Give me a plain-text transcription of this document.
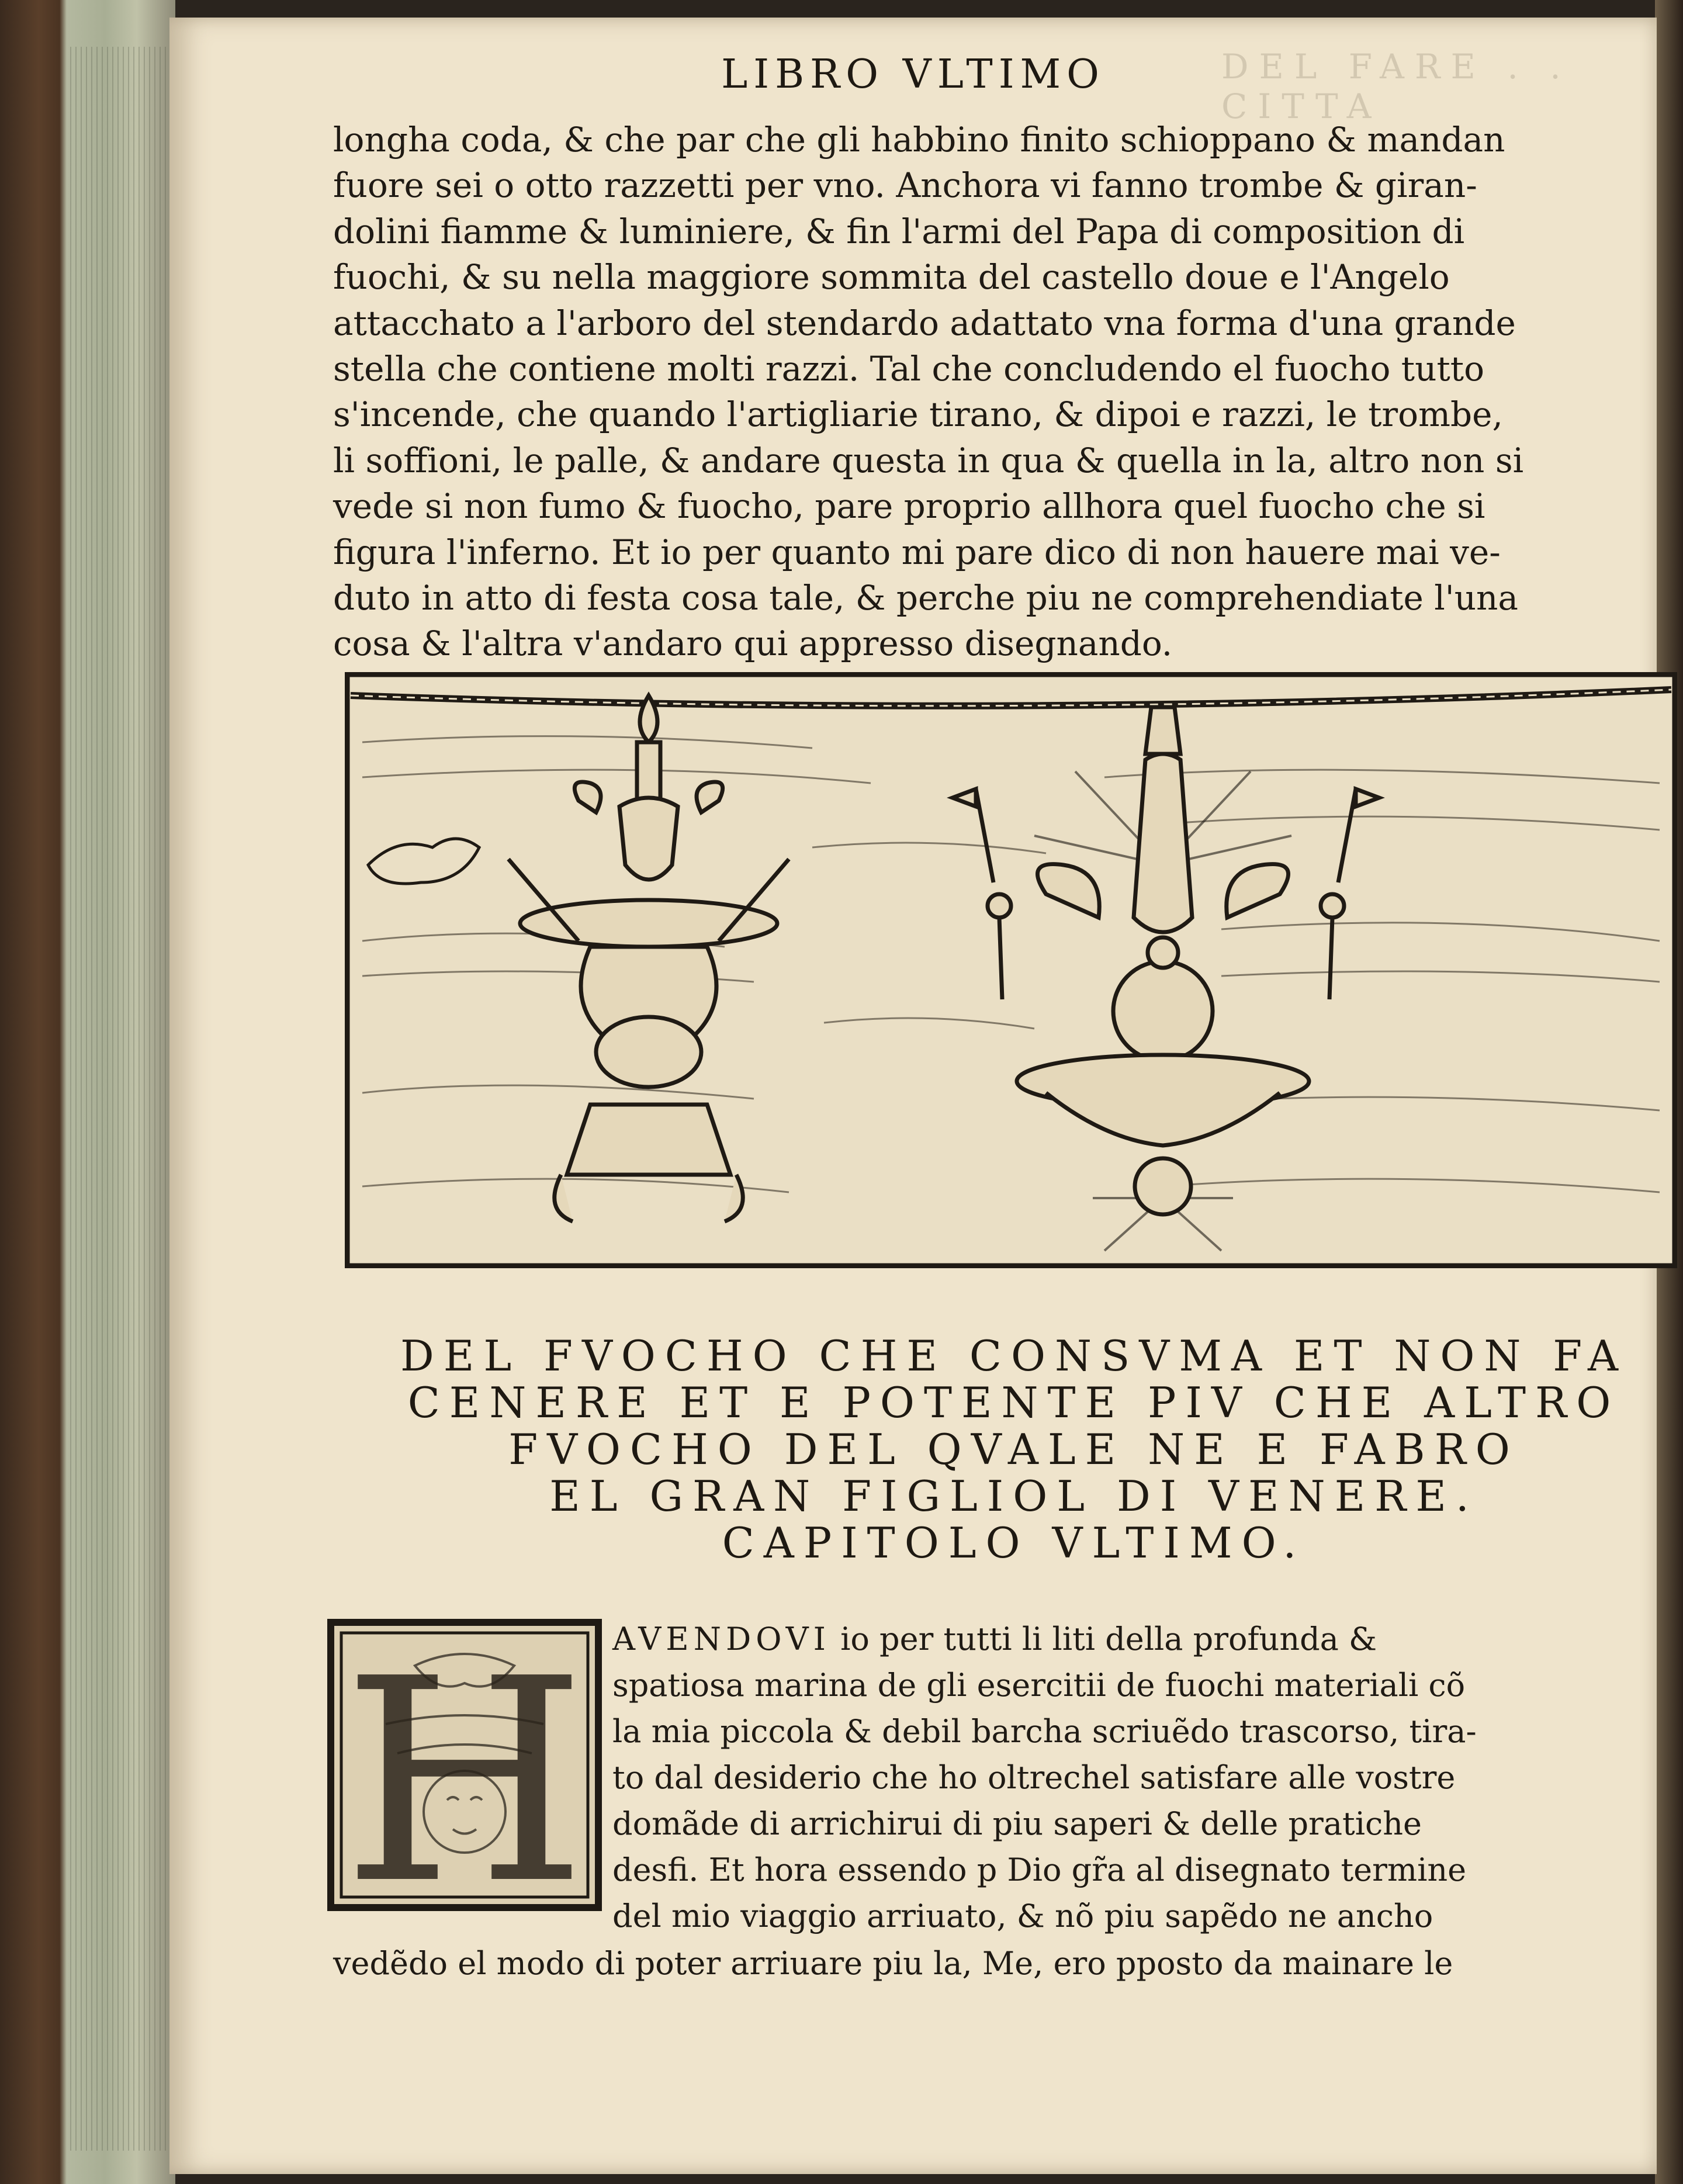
DEL FARE . . CITTA
LIBRO VLTIMO

longha coda, & che par che gli habbino finito schioppano & mandan
fuore sei o otto razzetti per vno. Anchora vi fanno trombe & giran-
dolini fiamme & luminiere, & fin l'armi del Papa di composition di
fuochi, & su nella maggiore sommita del castello doue e l'Angelo
attacchato a l'arboro del stendardo adattato vna forma d'una grande
stella che contiene molti razzi. Tal che concludendo el fuocho tutto
s'incende, che quando l'artigliarie tirano, & dipoi e razzi, le trombe,
li soffioni, le palle, & andare questa in qua & quella in la, altro non si
vede si non fumo & fuocho, pare proprio allhora quel fuocho che si
figura l'inferno. Et io per quanto mi pare dico di non hauere mai ve-
duto in atto di festa cosa tale, & perche piu ne comprehendiate l'una
cosa & l'altra v'andaro qui appresso disegnando.

DEL FVOCHO CHE CONSVMA ET NON FA
CENERE ET E POTENTE PIV CHE ALTRO
FVOCHO DEL QVALE NE E FABRO
EL GRAN FIGLIOL DI VENERE.
CAPITOLO VLTIMO.
H AVENDOVI io per tutti li liti della profunda &
spatiosa marina de gli esercitii de fuochi materiali cõ
la mia piccola & debil barcha scriuẽdo trascorso, tira-
to dal desiderio che ho oltrechel satisfare alle vostre
domãde di arrichirui di piu saperi & delle pratiche
desfi. Et hora essendo p Dio gr̃a al disegnato termine
del mio viaggio arriuato, & nõ piu sapẽdo ne ancho

vedẽdo el modo di poter arriuare piu la, Me, ero pposto da mainare le
